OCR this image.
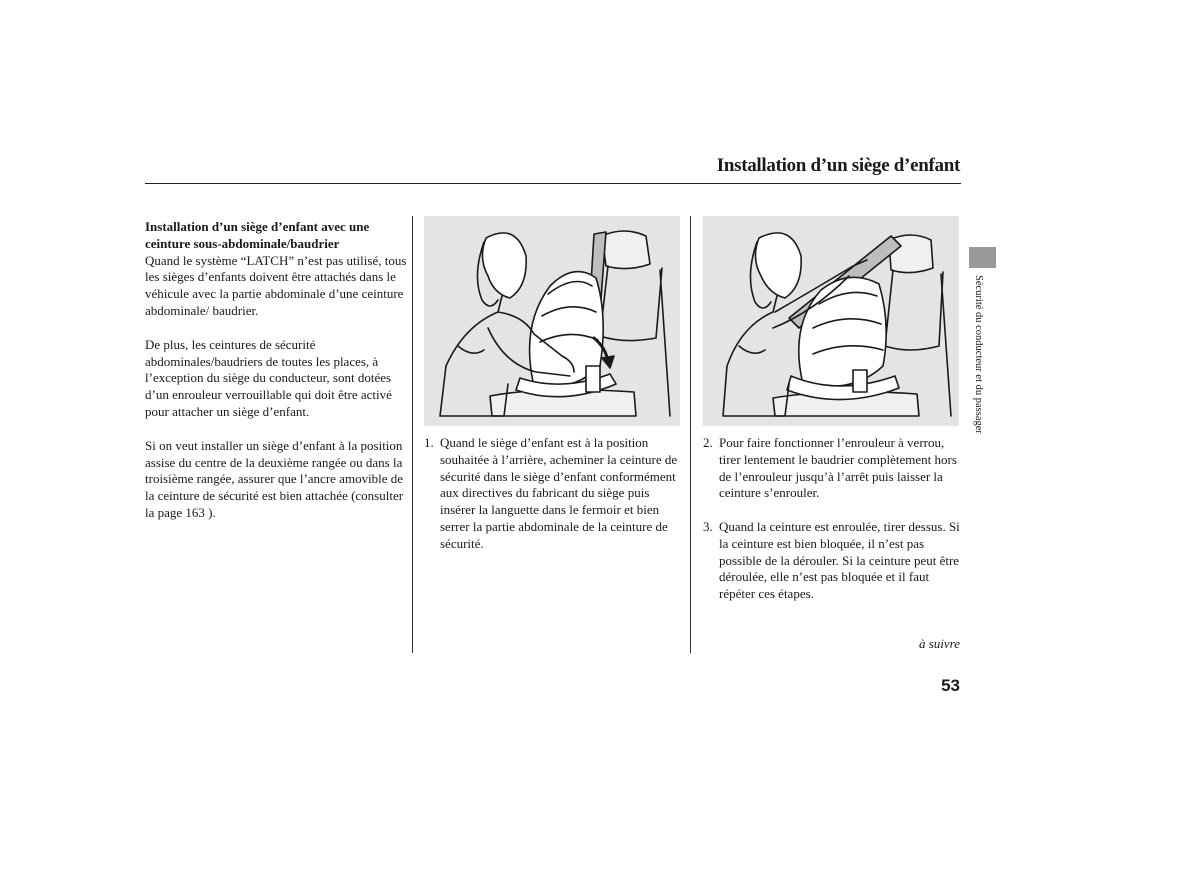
Installation d’un siège d’enfant
Sécurité du conducteur et du passager
Installation d’un siège d’enfant avec une ceinture sous-abdominale/baudrier

Quand le système “LATCH” n’est pas utilisé, tous les sièges d’enfants doivent être attachés dans le véhicule avec la partie abdominale d’une ceinture abdominale/ baudrier.

De plus, les ceintures de sécurité abdominales/baudriers de toutes les places, à l’exception du siège du conducteur, sont dotées d’un enrouleur verrouillable qui doit être activé pour attacher un siège d’enfant.

Si on veut installer un siège d’enfant à la position assise du centre de la deuxième rangée ou dans la troisième rangée, assurer que l’ancre amovible de la ceinture de sécurité est bien attachée (consulter la page 163 ).

1. Quand le siège d’enfant est à la position souhaitée à l’arrière, acheminer la ceinture de sécurité dans le siège d’enfant conformément aux directives du fabricant du siège puis insérer la languette dans le fermoir et bien serrer la partie abdominale de la ceinture de sécurité.
2. Pour faire fonctionner l’enrouleur à verrou, tirer lentement le baudrier complètement hors de l’enrouleur jusqu’à l’arrêt puis laisser la ceinture s’enrouler.
3. Quand la ceinture est enroulée, tirer dessus. Si la ceinture est bien bloquée, il n’est pas possible de la dérouler. Si la ceinture peut être déroulée, elle n’est pas bloquée et il faut répéter ces étapes.
à suivre
53
